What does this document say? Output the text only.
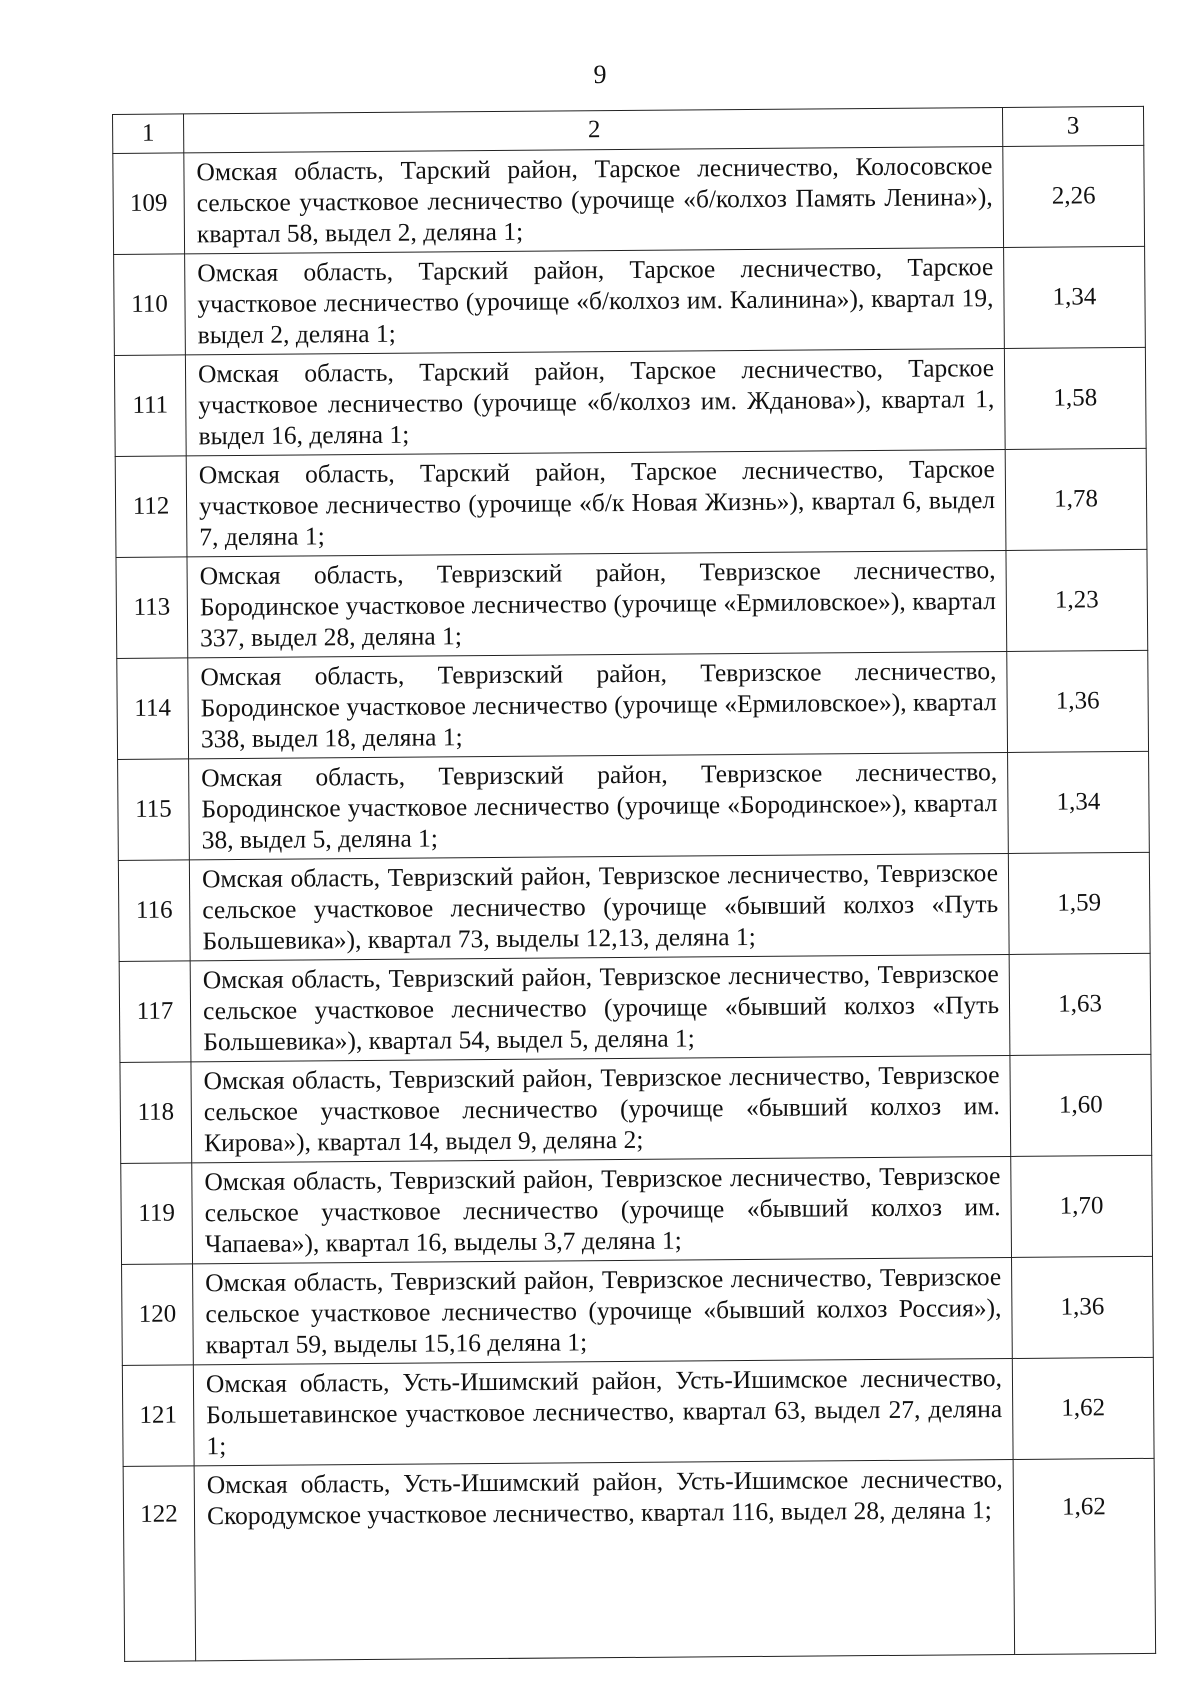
9
1	2	3
109	Омская область, Тарский район, Тарское лесничество, Колосовское сельское участковое лесничество (урочище «б/колхоз Память Ленина»), квартал 58, выдел 2, деляна 1;	2,26
110	Омская область, Тарский район, Тарское лесничество, Тарское участковое лесничество (урочище «б/колхоз им. Калинина»), квартал 19, выдел 2, деляна 1;	1,34
111	Омская область, Тарский район, Тарское лесничество, Тарское участковое лесничество (урочище «б/колхоз им. Жданова»), квартал 1, выдел 16, деляна 1;	1,58
112	Омская область, Тарский район, Тарское лесничество, Тарское участковое лесничество (урочище «б/к Новая Жизнь»), квартал 6, выдел 7, деляна 1;	1,78
113	Омская область, Тевризский район, Тевризское лесничество, Бородинское участковое лесничество (урочище «Ермиловское»), квартал 337, выдел 28, деляна 1;	1,23
114	Омская область, Тевризский район, Тевризское лесничество, Бородинское участковое лесничество (урочище «Ермиловское»), квартал 338, выдел 18, деляна 1;	1,36
115	Омская область, Тевризский район, Тевризское лесничество, Бородинское участковое лесничество (урочище «Бородинское»), квартал 38, выдел 5, деляна 1;	1,34
116	Омская область, Тевризский район, Тевризское лесничество, Тевризское сельское участковое лесничество (урочище «бывший колхоз «Путь Большевика»), квартал 73, выделы 12,13, деляна 1;	1,59
117	Омская область, Тевризский район, Тевризское лесничество, Тевризское сельское участковое лесничество (урочище «бывший колхоз «Путь Большевика»), квартал 54, выдел 5, деляна 1;	1,63
118	Омская область, Тевризский район, Тевризское лесничество, Тевризское сельское участковое лесничество (урочище «бывший колхоз им. Кирова»), квартал 14, выдел 9, деляна 2;	1,60
119	Омская область, Тевризский район, Тевризское лесничество, Тевризское сельское участковое лесничество (урочище «бывший колхоз им. Чапаева»), квартал 16, выделы 3,7 деляна 1;	1,70
120	Омская область, Тевризский район, Тевризское лесничество, Тевризское сельское участковое лесничество (урочище «бывший колхоз Россия»), квартал 59, выделы 15,16 деляна 1;	1,36
121	Омская область, Усть-Ишимский район, Усть-Ишимское лесничество, Большетавинское участковое лесничество, квартал 63, выдел 27, деляна 1;	1,62
122	Омская область, Усть-Ишимский район, Усть-Ишимское лесничество, Скородумское участковое лесничество, квартал 116, выдел 28, деляна 1;	1,62
